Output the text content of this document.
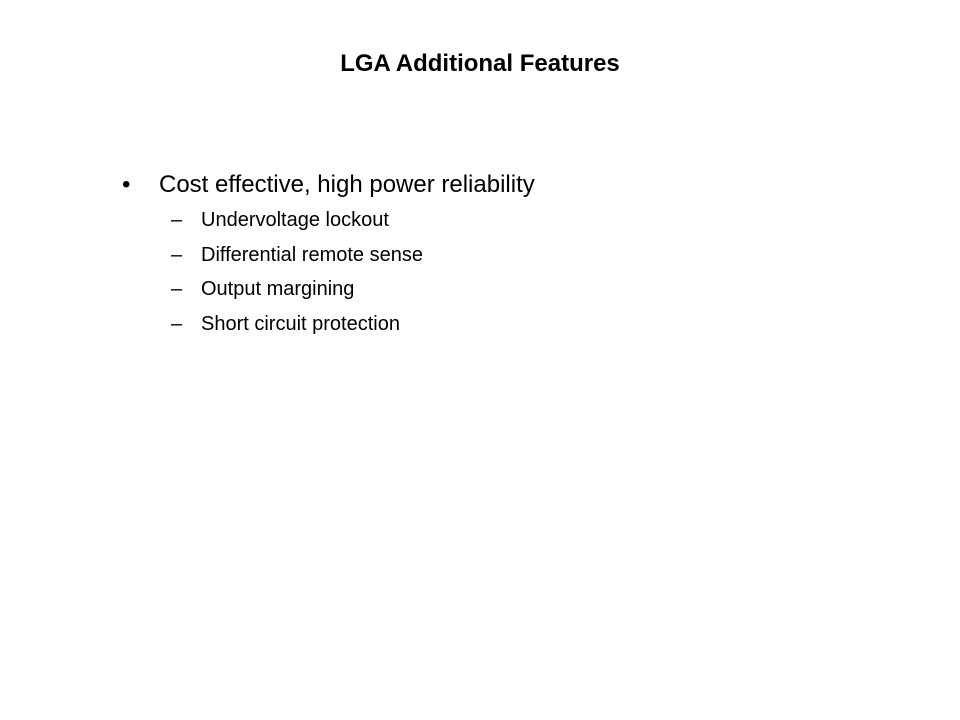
LGA Additional Features
• Cost effective, high power reliability
– Undervoltage lockout
– Differential remote sense
– Output margining
– Short circuit protection
